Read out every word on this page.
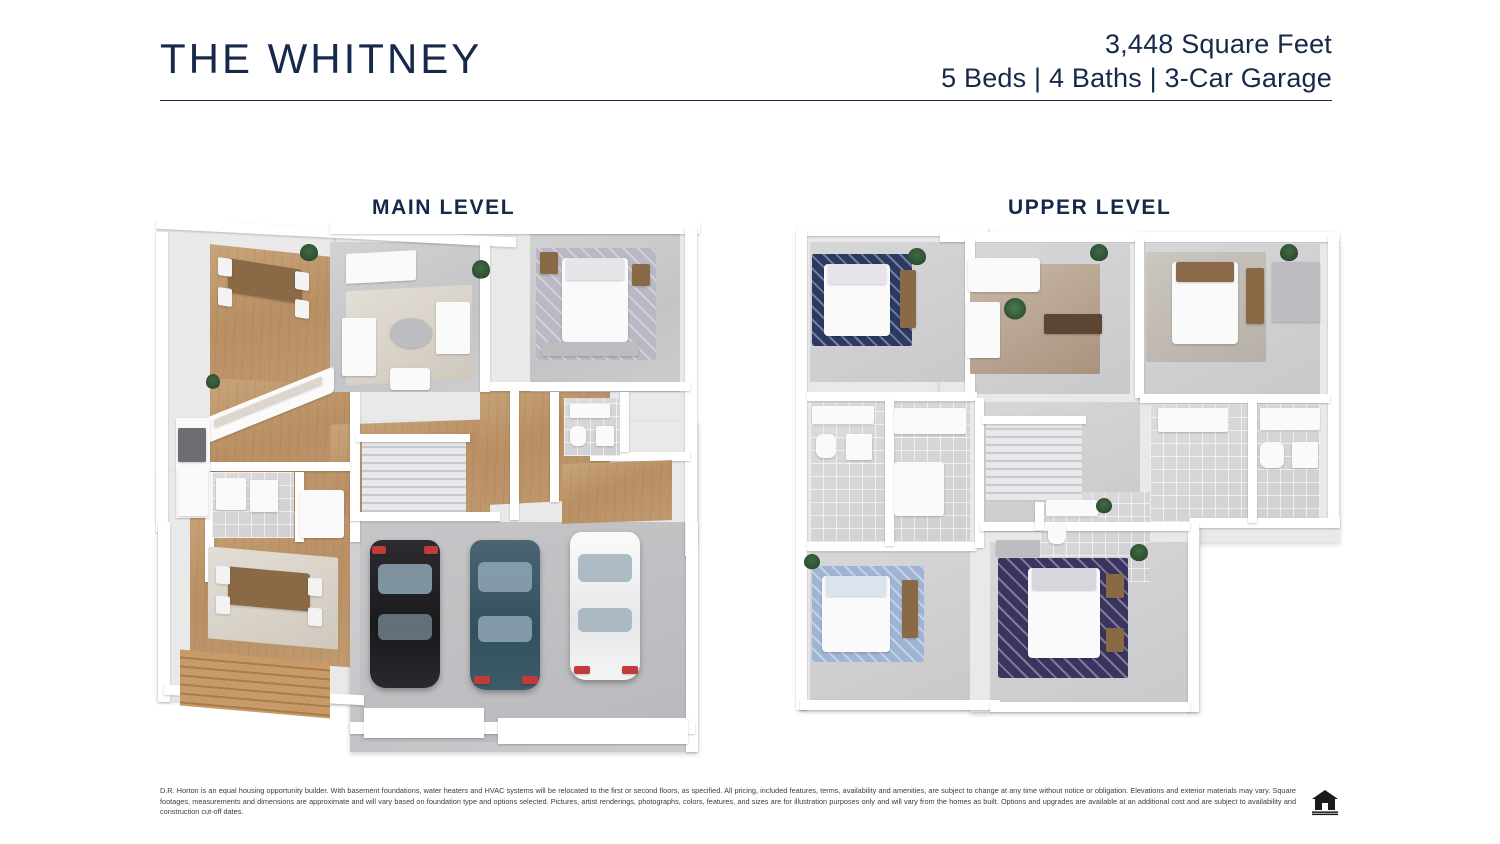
THE WHITNEY	3,448 Square Feet
5 Beds | 4 Baths | 3-Car Garage
MAIN LEVEL	UPPER LEVEL
D.R. Horton is an equal housing opportunity builder. With basement foundations, water heaters and HVAC systems will be relocated to the first or second floors, as specified. All pricing, included features, terms, availability and amenities, are subject to change at any time without notice or obligation. Elevations and exterior materials may vary. Square footages, measurements and dimensions are approximate and will vary based on foundation type and options selected. Pictures, artist renderings, photographs, colors, features, and sizes are for illustration purposes only and will vary from the homes as built. Options and upgrades are available at an additional cost and are subject to availability and construction cut-off dates.
